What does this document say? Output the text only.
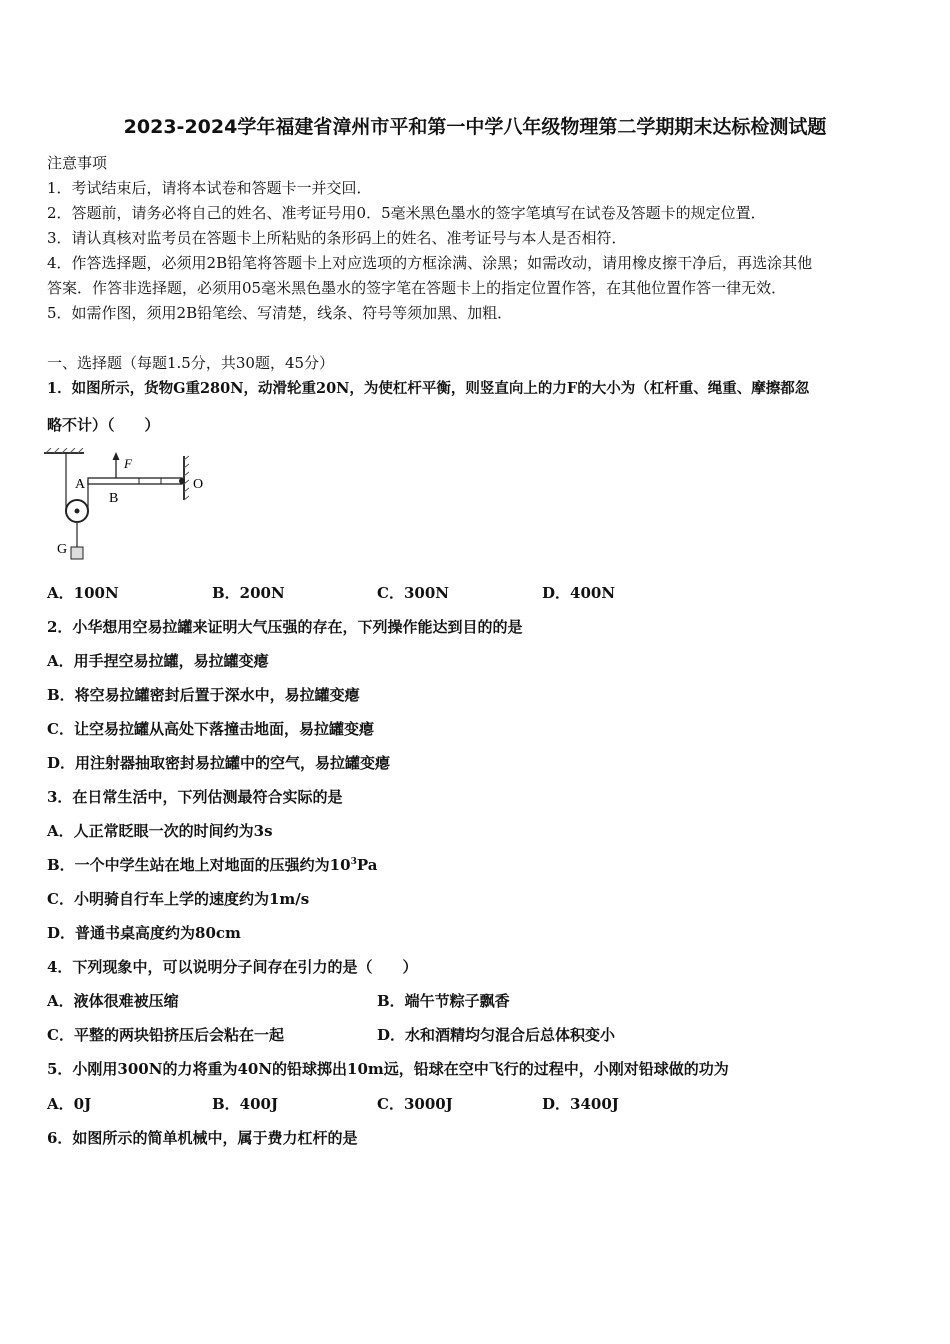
2023-2024学年福建省漳州市平和第一中学八年级物理第二学期期末达标检测试题
注意事项
1．考试结束后，请将本试卷和答题卡一并交回．
2．答题前，请务必将自己的姓名、准考证号用0．5毫米黑色墨水的签字笔填写在试卷及答题卡的规定位置．
3．请认真核对监考员在答题卡上所粘贴的条形码上的姓名、准考证号与本人是否相符．
4．作答选择题，必须用2B铅笔将答题卡上对应选项的方框涂满、涂黑；如需改动，请用橡皮擦干净后，再选涂其他
答案．作答非选择题，必须用05毫米黑色墨水的签字笔在答题卡上的指定位置作答，在其他位置作答一律无效．
5．如需作图，须用2B铅笔绘、写清楚，线条、符号等须加黑、加粗．
一、选择题（每题1.5分，共30题，45分）
1．如图所示，货物G重280N，动滑轮重20N，为使杠杆平衡，则竖直向上的力F的大小为（杠杆重、绳重、摩擦都忽
略不计）（　　）
F
A
B
O
G
A．100N	B．200N	C．300N	D．400N
2．小华想用空易拉罐来证明大气压强的存在，下列操作能达到目的的是
A．用手捏空易拉罐，易拉罐变瘪
B．将空易拉罐密封后置于深水中，易拉罐变瘪
C．让空易拉罐从高处下落撞击地面，易拉罐变瘪
D．用注射器抽取密封易拉罐中的空气，易拉罐变瘪
3．在日常生活中，下列估测最符合实际的是
A．人正常眨眼一次的时间约为3s
B．一个中学生站在地上对地面的压强约为$10^3Pa$
C．小明骑自行车上学的速度约为1m/s
D．普通书桌高度约为80cm
4．下列现象中，可以说明分子间存在引力的是（　　）
A．液体很难被压缩	B．端午节粽子飘香
C．平整的两块铅挤压后会粘在一起	D．水和酒精均匀混合后总体积变小
5．小刚用300N的力将重为40N的铅球掷出10m远，铅球在空中飞行的过程中，小刚对铅球做的功为
A．0J	B．400J	C．3000J	D．3400J
6．如图所示的简单机械中，属于费力杠杆的是
